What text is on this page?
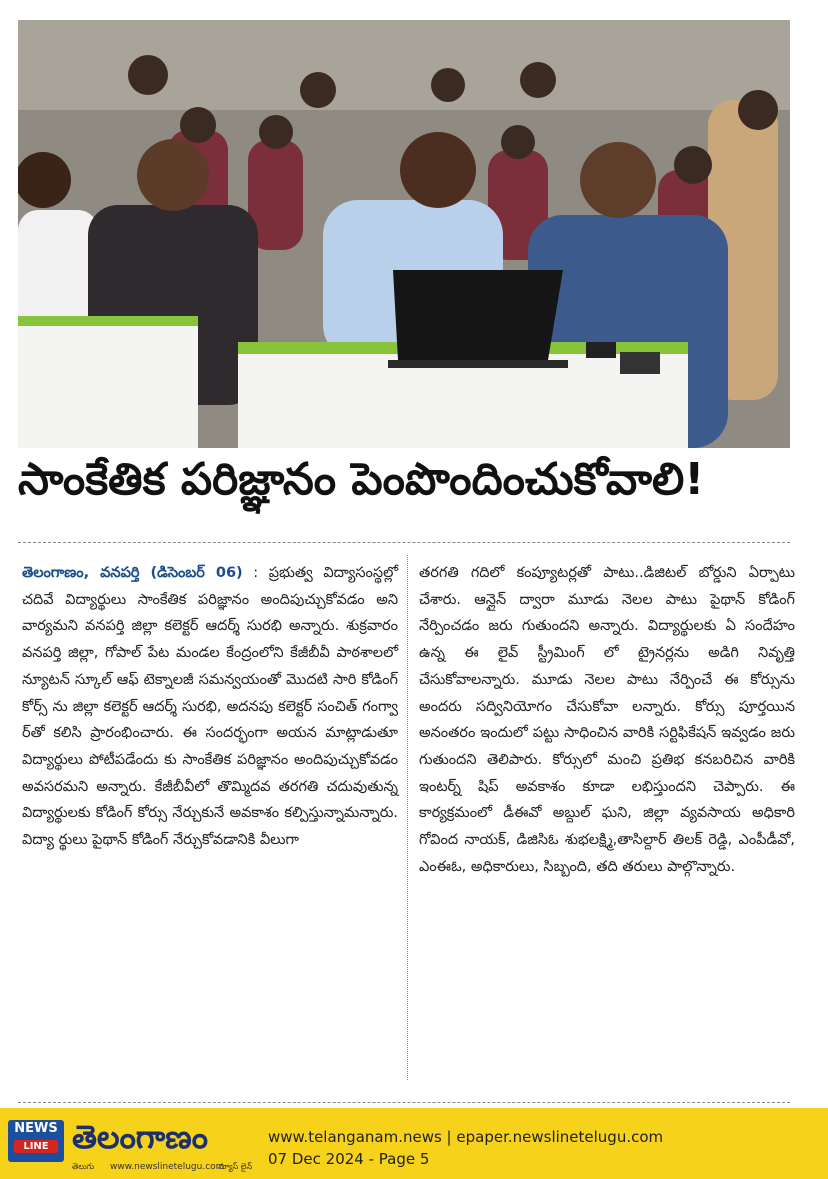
సాంకేతిక పరిజ్ఞానం పెంపొందించుకోవాలి!
తెలంగాణం, వనపర్తి (డిసెంబర్ 06) : ప్రభుత్వ విద్యాసంస్థల్లో చదివే విద్యార్థులు సాంకేతిక పరిజ్ఞానం అందిపుచ్చుకోవడం అని వార్యమని వనపర్తి జిల్లా కలెక్టర్ ఆదర్శ్ సురభి అన్నారు. శుక్రవారం వనపర్తి జిల్లా, గోపాల్ పేట మండల కేంద్రంలోని కేజీబీవీ పాఠశాలలో న్యూటన్ స్కూల్ ఆఫ్ టెక్నాలజీ సమన్వయంతో మొదటి సారి కోడింగ్ కోర్స్ ను జిల్లా కలెక్టర్ ఆదర్శ్ సురభి, అదనపు కలెక్టర్ సంచిత్ గంగ్వా ర్‌తో కలిసి ప్రారంభించారు. ఈ సందర్భంగా అయన మాట్లాడుతూ విద్యార్థులు పోటీపడేందు కు సాంకేతిక పరిజ్ఞానం అందిపుచ్చుకోవడం అవసరమని అన్నారు. కేజీబీవీలో తొమ్మిదవ తరగతి చదువుతున్న విద్యార్థులకు కోడింగ్ కోర్సు నేర్చుకునే అవకాశం కల్పిస్తున్నామన్నారు. విద్యా ర్థులు పైథాన్ కోడింగ్ నేర్చుకోవడానికి వీలుగా
తరగతి గదిలో కంప్యూటర్లతో పాటు..డిజిటల్ బోర్డుని ఏర్పాటు చేశారు. ఆన్లైన్ ద్వారా మూడు నెలల పాటు పైథాన్ కోడింగ్ నేర్పించడం జరు గుతుందని అన్నారు. విద్యార్థులకు ఏ సందేహం ఉన్న ఈ లైవ్ స్ట్రీమింగ్ లో ట్రైనర్లను అడిగి నివృత్తి చేసుకోవాలన్నారు. మూడు నెలల పాటు నేర్పించే ఈ కోర్సును అందరు సద్వినియోగం చేసుకోవా లన్నారు. కోర్సు పూర్తయిన అనంతరం ఇందులో పట్టు సాధించిన వారికి సర్టిఫికేషన్ ఇవ్వడం జరు గుతుందని తెలిపారు. కోర్సులో మంచి ప్రతిభ కనబరిచిన వారికి ఇంటర్న్ షిప్ అవకాశం కూడా లభిస్తుందని చెప్పారు. ఈ కార్యక్రమంలో డీఈవో అబ్దుల్ ఘని, జిల్లా వ్యవసాయ అధికారి గోవింద నాయక్, డిజిసిఓ శుభలక్ష్మి,తాసిల్దార్ తిలక్ రెడ్డి, ఎంపీడీవో, ఎంఈఓ, అధికారులు, సిబ్బంది, తది తరులు పాల్గొన్నారు.
NEWS
LINE తెలంగాణం
తెలుగు www.newslinetelugu.com
న్యూస్ లైన్
www.telanganam.news | epaper.newslinetelugu.com
07 Dec 2024 - Page 5
